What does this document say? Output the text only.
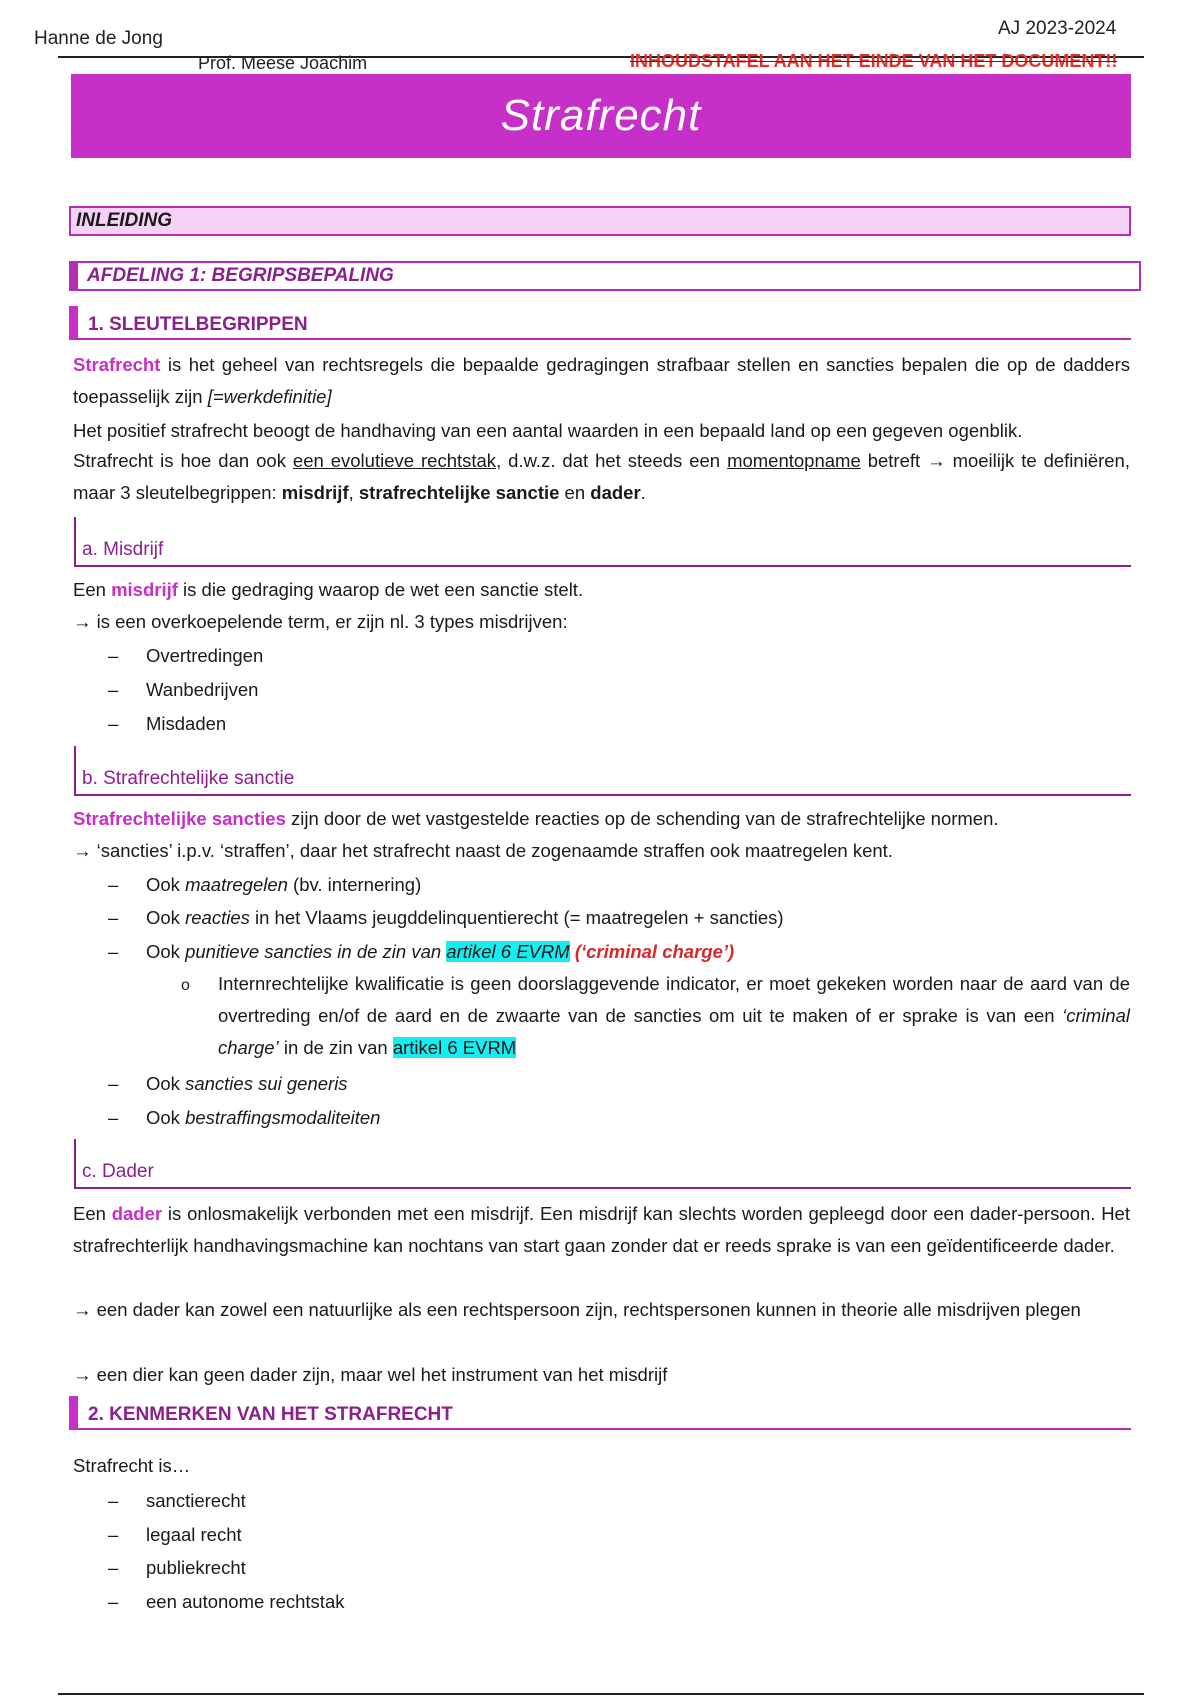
Hanne de Jong	AJ 2023-2024
Prof. Meese Joachim	INHOUDSTAFEL AAN HET EINDE VAN HET DOCUMENT!!
Strafrecht
INLEIDING
AFDELING 1: BEGRIPSBEPALING
1. SLEUTELBEGRIPPEN
Strafrecht is het geheel van rechtsregels die bepaalde gedragingen strafbaar stellen en sancties bepalen die op de dadders toepasselijk zijn [=werkdefinitie]
Het positief strafrecht beoogt de handhaving van een aantal waarden in een bepaald land op een gegeven ogenblik.
Strafrecht is hoe dan ook een evolutieve rechtstak, d.w.z. dat het steeds een momentopname betreft → moeilijk te definiëren, maar 3 sleutelbegrippen: misdrijf, strafrechtelijke sanctie en dader.
a. Misdrijf
Een misdrijf is die gedraging waarop de wet een sanctie stelt.
→ is een overkoepelende term, er zijn nl. 3 types misdrijven:
– Overtredingen
– Wanbedrijven
– Misdaden
b. Strafrechtelijke sanctie
Strafrechtelijke sancties zijn door de wet vastgestelde reacties op de schending van de strafrechtelijke normen.
→ ‘sancties’ i.p.v. ‘straffen’, daar het strafrecht naast de zogenaamde straffen ook maatregelen kent.
– Ook maatregelen (bv. internering)
– Ook reacties in het Vlaams jeugddelinquentierecht (= maatregelen + sancties)
– Ook punitieve sancties in de zin van artikel 6 EVRM (‘criminal charge’)
o Internrechtelijke kwalificatie is geen doorslaggevende indicator, er moet gekeken worden naar de aard van de overtreding en/of de aard en de zwaarte van de sancties om uit te maken of er sprake is van een ‘criminal charge’ in de zin van artikel 6 EVRM
– Ook sancties sui generis
– Ook bestraffingsmodaliteiten
c. Dader
Een dader is onlosmakelijk verbonden met een misdrijf. Een misdrijf kan slechts worden gepleegd door een dader-persoon. Het strafrechterlijk handhavingsmachine kan nochtans van start gaan zonder dat er reeds sprake is van een geïdentificeerde dader.
→ een dader kan zowel een natuurlijke als een rechtspersoon zijn, rechtspersonen kunnen in theorie alle misdrijven plegen
→ een dier kan geen dader zijn, maar wel het instrument van het misdrijf
2. KENMERKEN VAN HET STRAFRECHT
Strafrecht is…
– sanctierecht
– legaal recht
– publiekrecht
– een autonome rechtstak
